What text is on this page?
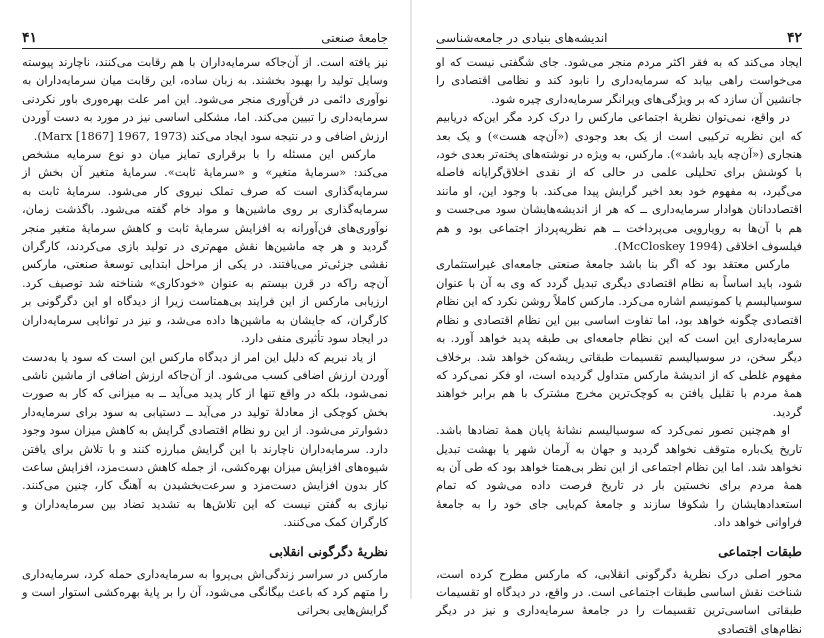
جامعهٔ صنعتی
۴۱

نیز یافته است. از آن‌جاکه سرمایه‌داران با هم رقابت می‌کنند، ناچارند پیوسته وسایل تولید را بهبود بخشند. به زبان ساده، این رقابت میان سرمایه‌داران به نوآوری دائمی در فن‌آوری منجر می‌شود. این امر علت بهره‌وری باور نکردنی سرمایه‌داری را تبیین می‌کند. اما، مشکلی اساسی نیز در مورد به دست آوردن ارزش اضافی و در نتیجه سود ایجاد می‌کند (Marx [1867] 1967, 1973).

مارکس این مسئله را با برقراری تمایز میان دو نوع سرمایه مشخص می‌کند: «سرمایهٔ متغیر» و «سرمایهٔ ثابت». سرمایهٔ متغیر آن بخش از سرمایه‌گذاری است که صرف تملک نیروی کار می‌شود. سرمایهٔ ثابت به سرمایه‌گذاری بر روی ماشین‌ها و مواد خام گفته می‌شود. باگذشت زمان، نوآوری‌های فن‌آورانه به افزایش سرمایهٔ ثابت و کاهش سرمایهٔ متغیر منجر گردید و هر چه ماشین‌ها نقش مهم‌تری در تولید بازی می‌کردند، کارگران نقشی جزئی‌تر می‌یافتند. در یکی از مراحل ابتدایی توسعهٔ صنعتی، مارکس آن‌چه راکه در قرن بیستم به عنوان «خودکاری» شناخته شد توصیف کرد. ارزیابی مارکس از این فرایند بی‌همتاست زیرا از دیدگاه او این دگرگونی بر کارگران، که جایشان به ماشین‌ها داده می‌شد، و نیز در توانایی سرمایه‌داران در ایجاد سود تأثیری منفی دارد.

از یاد نبریم که دلیل این امر از دیدگاه مارکس این است که سود یا به‌دست آوردن ارزش اضافی کسب می‌شود. از آن‌جاکه ارزش اضافی از ماشین ناشی نمی‌شود، بلکه در واقع تنها از کار پدید می‌آید ــ به میزانی که کار به صورت بخش کوچکی از معادلهٔ تولید در می‌آید ــ دستیابی به سود برای سرمایه‌دار دشوارتر می‌شود. از این رو نظام اقتصادی گرایش به کاهش میزان سود وجود دارد. سرمایه‌داران ناچارند با این گرایش مبارزه کنند و با تلاش برای یافتن شیوه‌های افزایش میزان بهره‌کشی، از جمله کاهش دست‌مزد، افزایش ساعت کار بدون افزایش دست‌مزد و سرعت‌بخشیدن به آهنگ کار، چنین می‌کنند. نیازی به گفتن نیست که این تلاش‌ها به تشدید تضاد بین سرمایه‌داران و کارگران کمک می‌کنند.

نظریهٔ دگرگونی انقلابی

مارکس در سراسر زندگی‌اش بی‌پروا به سرمایه‌داری حمله کرد، سرمایه‌داری را متهم کرد که باعث بیگانگی می‌شود، آن را بر پایهٔ بهره‌کشی استوار است و گرایش‌هایی بحرانی

۴۲
اندیشه‌های بنیادی در جامعه‌شناسی

ایجاد می‌کند که به فقر اکثر مردم منجر می‌شود. جای شگفتی نیست که او می‌خواست راهی بیابد که سرمایه‌داری را نابود کند و نظامی اقتصادی را جانشین آن سازد که بر ویژگی‌های ویرانگر سرمایه‌داری چیره شود.

در واقع، نمی‌توان نظریهٔ اجتماعی مارکس را درک کرد مگر این‌که دریابیم که این نظریه ترکیبی است از یک بعد وجودی («آن‌چه هست») و یک بعد هنجاری («آن‌چه باید باشد»). مارکس، به ویژه در نوشته‌های پخته‌تر بعدی خود، با کوشش برای تحلیلی علمی در حالی که از نقدی اخلاق‌گرایانه فاصله می‌گیرد، به مفهوم خود بعد اخیر گرایش پیدا می‌کند. با وجود این، او مانند اقتصاددانان هوادار سرمایه‌داری ــ که هر از اندیشه‌هایشان سود می‌جست و هم با آن‌ها به رویارویی می‌پرداخت ــ هم نظریه‌پرداز اجتماعی بود و هم فیلسوف اخلاقی (McCloskey 1994).

مارکس معتقد بود که اگر بنا باشد جامعهٔ صنعتی جامعه‌ای غیراستثماری شود، باید اساساً به نظام اقتصادی دیگری تبدیل گردد که وی به آن با عنوان سوسیالیسم یا کمونیسم اشاره می‌کرد. مارکس کاملاً روشن نکرد که این نظام اقتصادی چگونه خواهد بود، اما تفاوت اساسی بین این نظام اقتصادی و نظام سرمایه‌داری این است که این نظام جامعه‌ای بی طبقه پدید خواهد آورد. به دیگر سخن، در سوسیالیسم تقسیمات طبقاتی ریشه‌کن خواهد شد. برخلاف مفهوم غلطی که از اندیشهٔ مارکس متداول گردیده است، او فکر نمی‌کرد که همهٔ مردم با تقلیل یافتن به کوچک‌ترین مخرج مشترک با هم برابر خواهند گردید.

او هم‌چنین تصور نمی‌کرد که سوسیالیسم نشانهٔ پایان همهٔ تضادها باشد. تاریخ یک‌باره متوقف نخواهد گردید و جهان به آرمان شهر یا بهشت تبدیل نخواهد شد. اما این نظام اجتماعی از این نظر بی‌همتا خواهد بود که طی آن به همهٔ مردم برای نخستین بار در تاریخ فرصت داده می‌شود که تمام استعدادهایشان را شکوفا سازند و جامعهٔ کم‌بایی جای خود را به جامعهٔ فراوانی خواهد داد.

طبقات اجتماعی

محور اصلی درک نظریهٔ دگرگونی انقلابی، که مارکس مطرح کرده است، شناخت نقش اساسی طبقات اجتماعی است. در واقع، در دیدگاه او تقسیمات طبقاتی اساسی‌ترین تقسیمات را در جامعهٔ سرمایه‌داری و نیز در دیگر نظام‌های اقتصادی
